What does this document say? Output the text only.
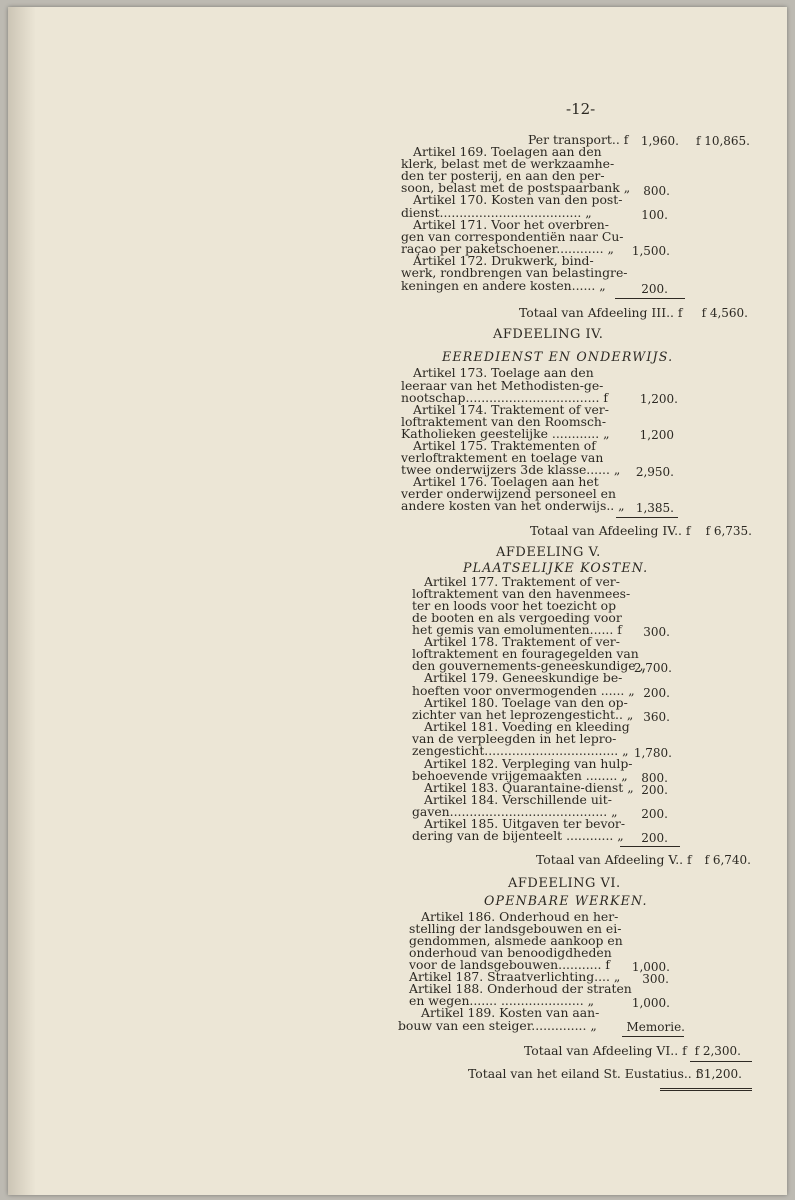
-12-
Per transport.. f
Artikel 169. Toelagen aan den
klerk, belast met de werkzaamhe-
den ter posterij, en aan den per-
soon, belast met de postspaarbank „
Artikel 170. Kosten van den post-
dienst.................................... „
Artikel 171. Voor het overbren-
gen van correspondentiën naar Cu-
raçao per paketschoener............ „
Artikel 172. Drukwerk, bind-
werk, rondbrengen van belastingre-
keningen en andere kosten...... „
Totaal van Afdeeling III.. f
Artikel 173. Toelage aan den
leeraar van het Methodisten-ge-
nootschap.................................. f
Artikel 174. Traktement of ver-
loftraktement van den Roomsch-
Katholieken geestelijke ............ „
Artikel 175. Traktementen of
verloftraktement en toelage van
twee onderwijzers 3de klasse...... „
Artikel 176. Toelagen aan het
verder onderwijzend personeel en
andere kosten van het onderwijs.. „
Totaal van Afdeeling IV.. f
Artikel 177. Traktement of ver-
loftraktement van den havenmees-
ter en loods voor het toezicht op
de booten en als vergoeding voor
het gemis van emolumenten...... f
Artikel 178. Traktement of ver-
loftraktement en fouragegelden van
den gouvernements-geneeskundige „
Artikel 179. Geneeskundige be-
hoeften voor onvermogenden ...... „
Artikel 180. Toelage van den op-
zichter van het leprozengesticht.. „
Artikel 181. Voeding en kleeding
van de verpleegden in het lepro-
zengesticht.................................. „
Artikel 182. Verpleging van hulp-
behoevende vrijgemaakten ........ „
Artikel 183. Quarantaine-dienst „
Artikel 184. Verschillende uit-
gaven........................................ „
Artikel 185. Uitgaven ter bevor-
dering van de bijenteelt ............ „
Totaal van Afdeeling V.. f
Artikel 186. Onderhoud en her-
stelling der landsgebouwen en ei-
gendommen, alsmede aankoop en
onderhoud van benoodigdheden
voor de landsgebouwen........... f
Artikel 187. Straatverlichting.... „
Artikel 188. Onderhoud der straten
en wegen....... ..................... „
Artikel 189. Kosten van aan-
bouw van een steiger.............. „
Totaal van Afdeeling VI.. f
Totaal van het eiland St. Eustatius.. f
AFDEELING IV.
EEREDIENST EN ONDERWIJS.
AFDEELING V.
PLAATSELIJKE KOSTEN.
AFDEELING VI.
OPENBARE WERKEN.
1,960. f 10,865.
800.
100.
1,500.
200.
f 4,560.
1,200.
1,200
2,950.
1,385.
f 6,735.
300.
2,700.
200.
360.
1,780.
800.
200.
200.
200.
f 6,740.
1,000.
300.
1,000.
Memorie.
f 2,300.
31,200.
